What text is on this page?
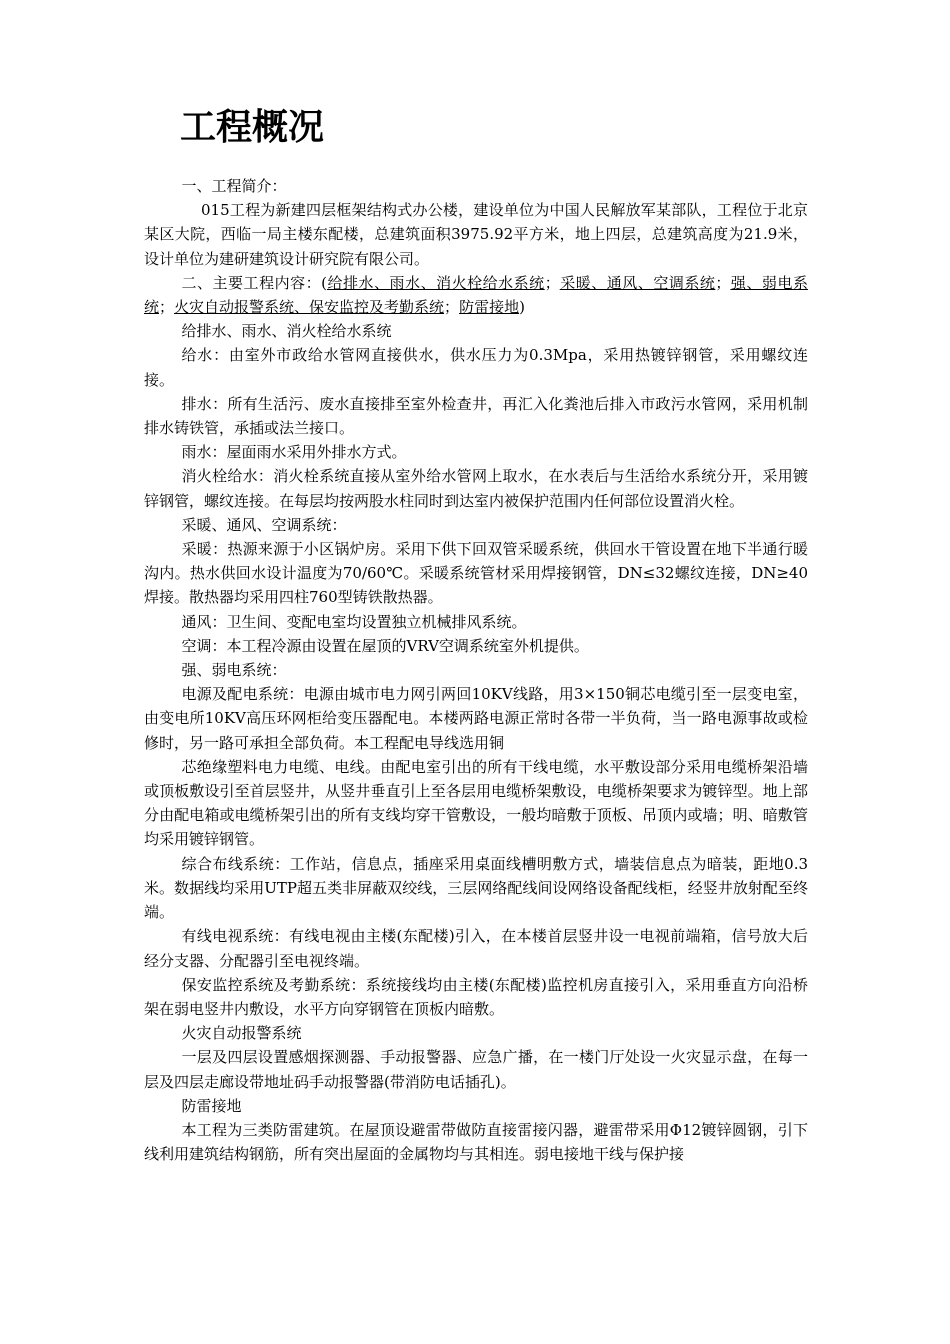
工程概况

一、工程简介：

015工程为新建四层框架结构式办公楼，建设单位为中国人民解放军某部队，工程位于北京某区大院，西临一局主楼东配楼，总建筑面积3975.92平方米，地上四层，总建筑高度为21.9米，设计单位为建研建筑设计研究院有限公司。

二、主要工程内容：(给排水、雨水、消火栓给水系统；采暖、通风、空调系统；强、弱电系统；火灾自动报警系统、保安监控及考勤系统；防雷接地)

给排水、雨水、消火栓给水系统

给水：由室外市政给水管网直接供水，供水压力为0.3Mpa，采用热镀锌钢管，采用螺纹连接。

排水：所有生活污、废水直接排至室外检查井，再汇入化粪池后排入市政污水管网，采用机制排水铸铁管，承插或法兰接口。

雨水：屋面雨水采用外排水方式。

消火栓给水：消火栓系统直接从室外给水管网上取水，在水表后与生活给水系统分开，采用镀锌钢管，螺纹连接。在每层均按两股水柱同时到达室内被保护范围内任何部位设置消火栓。

采暖、通风、空调系统：

采暖：热源来源于小区锅炉房。采用下供下回双管采暖系统，供回水干管设置在地下半通行暖沟内。热水供回水设计温度为70/60℃。采暖系统管材采用焊接钢管，DN≤32螺纹连接，DN≥40焊接。散热器均采用四柱760型铸铁散热器。

通风：卫生间、变配电室均设置独立机械排风系统。

空调：本工程冷源由设置在屋顶的VRV空调系统室外机提供。

强、弱电系统：

电源及配电系统：电源由城市电力网引两回10KV线路，用3×150铜芯电缆引至一层变电室，由变电所10KV高压环网柜给变压器配电。本楼两路电源正常时各带一半负荷，当一路电源事故或检修时，另一路可承担全部负荷。本工程配电导线选用铜

芯绝缘塑料电力电缆、电线。由配电室引出的所有干线电缆，水平敷设部分采用电缆桥架沿墙或顶板敷设引至首层竖井，从竖井垂直引上至各层用电缆桥架敷设，电缆桥架要求为镀锌型。地上部分由配电箱或电缆桥架引出的所有支线均穿干管敷设，一般均暗敷于顶板、吊顶内或墙；明、暗敷管均采用镀锌钢管。

综合布线系统：工作站，信息点，插座采用桌面线槽明敷方式，墙装信息点为暗装，距地0.3米。数据线均采用UTP超五类非屏蔽双绞线，三层网络配线间设网络设备配线柜，经竖井放射配至终端。

有线电视系统：有线电视由主楼(东配楼)引入，在本楼首层竖井设一电视前端箱，信号放大后经分支器、分配器引至电视终端。

保安监控系统及考勤系统：系统接线均由主楼(东配楼)监控机房直接引入，采用垂直方向沿桥架在弱电竖井内敷设，水平方向穿钢管在顶板内暗敷。

火灾自动报警系统

一层及四层设置感烟探测器、手动报警器、应急广播，在一楼门厅处设一火灾显示盘，在每一层及四层走廊设带地址码手动报警器(带消防电话插孔)。

防雷接地

本工程为三类防雷建筑。在屋顶设避雷带做防直接雷接闪器，避雷带采用Φ12镀锌圆钢，引下线利用建筑结构钢筋，所有突出屋面的金属物均与其相连。弱电接地干线与保护接
